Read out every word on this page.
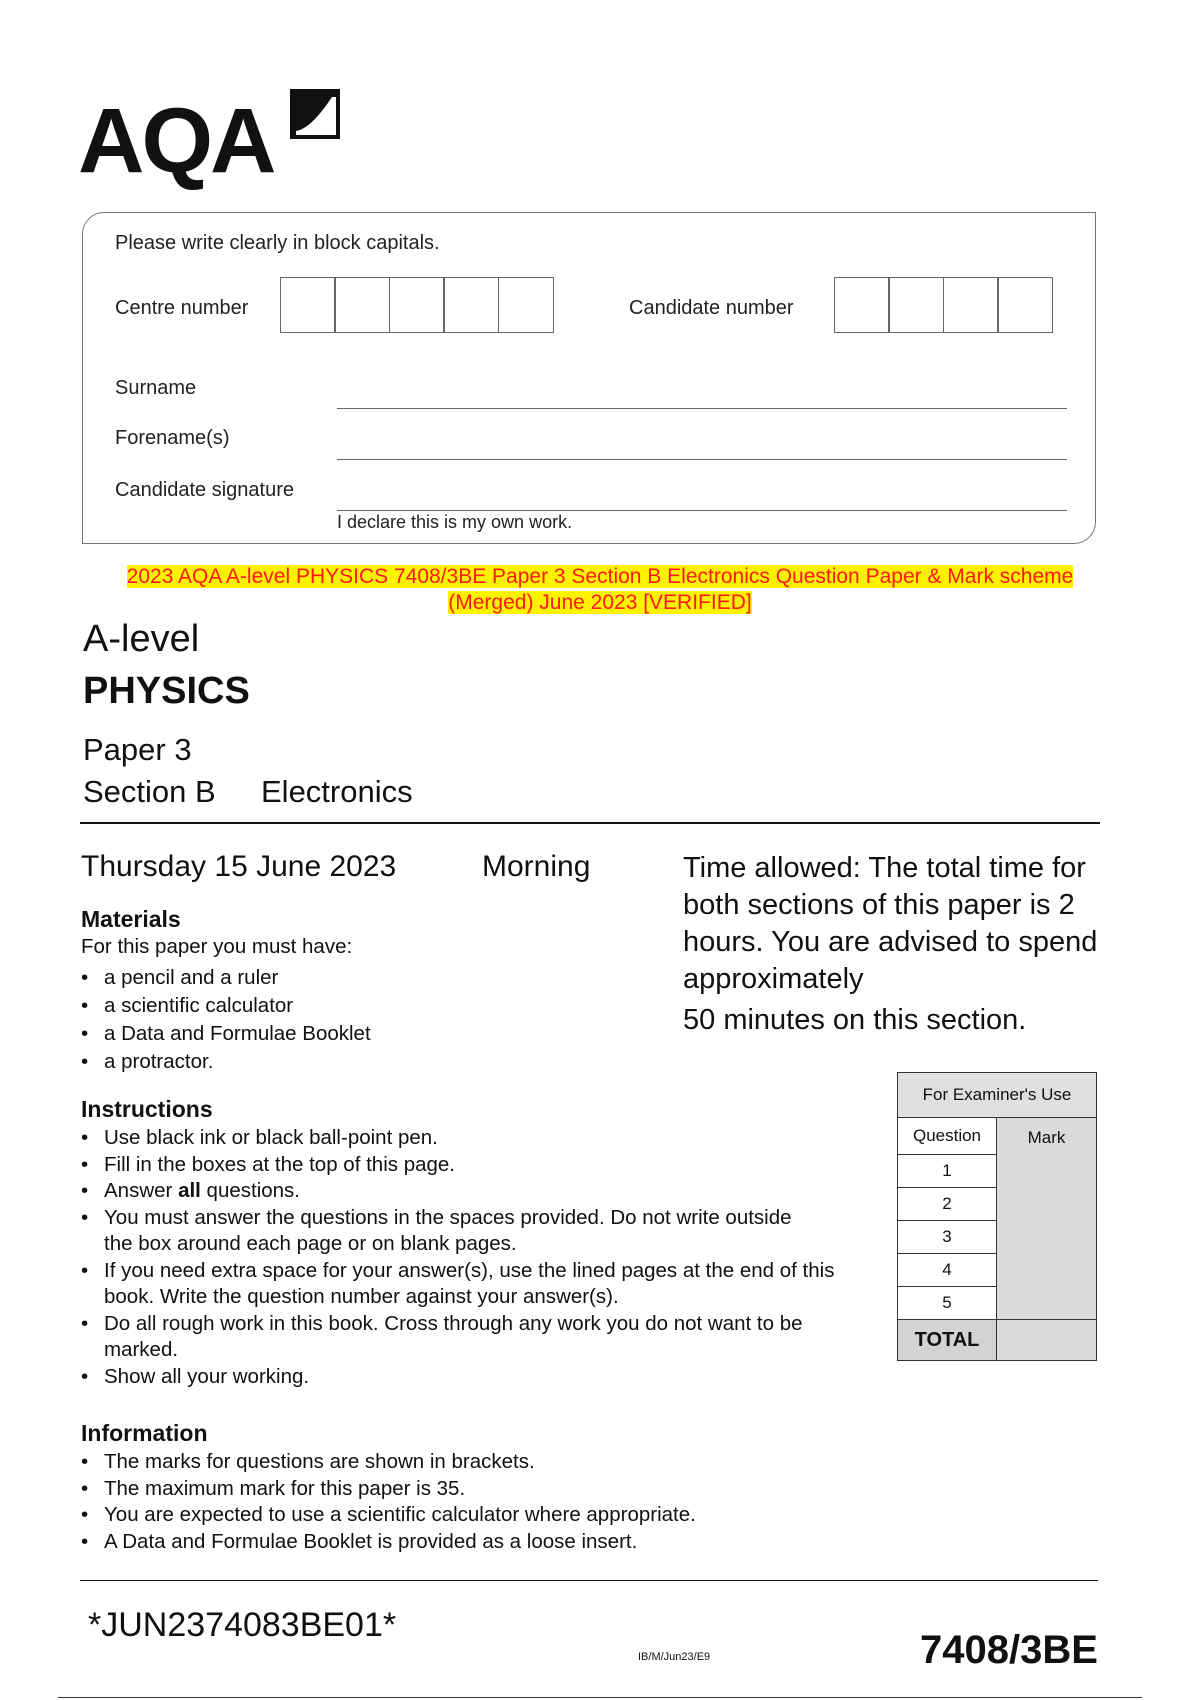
AQA
Please write clearly in block capitals.
Centre number	Candidate number
Surname
Forename(s)
Candidate signature
I declare this is my own work.
2023 AQA A-level PHYSICS 7408/3BE Paper 3 Section B Electronics Question Paper & Mark scheme
(Merged) June 2023 [VERIFIED]
A-level
PHYSICS
Paper 3
Section B Electronics
Thursday 15 June 2023	Morning	Time allowed: The total time for both sections of this paper is 2 hours. You are advised to spend approximately

50 minutes on this section.

Materials
For this paper you must have:
• a pencil and a ruler
• a scientific calculator
• a Data and Formulae Booklet
• a protractor.
Instructions
• Use black ink or black ball-point pen.
• Fill in the boxes at the top of this page.
• Answer all questions.
• You must answer the questions in the spaces provided. Do not write outside the box around each page or on blank pages.
• If you need extra space for your answer(s), use the lined pages at the end of this book. Write the question number against your answer(s).
• Do all rough work in this book. Cross through any work you do not want to be marked.
• Show all your working.
For Examiner's Use	
Question	Mark
1	
2	
3	
4	
5	
TOTAL	
Information
• The marks for questions are shown in brackets.
• The maximum mark for this paper is 35.
• You are expected to use a scientific calculator where appropriate.
• A Data and Formulae Booklet is provided as a loose insert.
*JUN2374083BE01*
IB/M/Jun23/E9	7408/3BE
